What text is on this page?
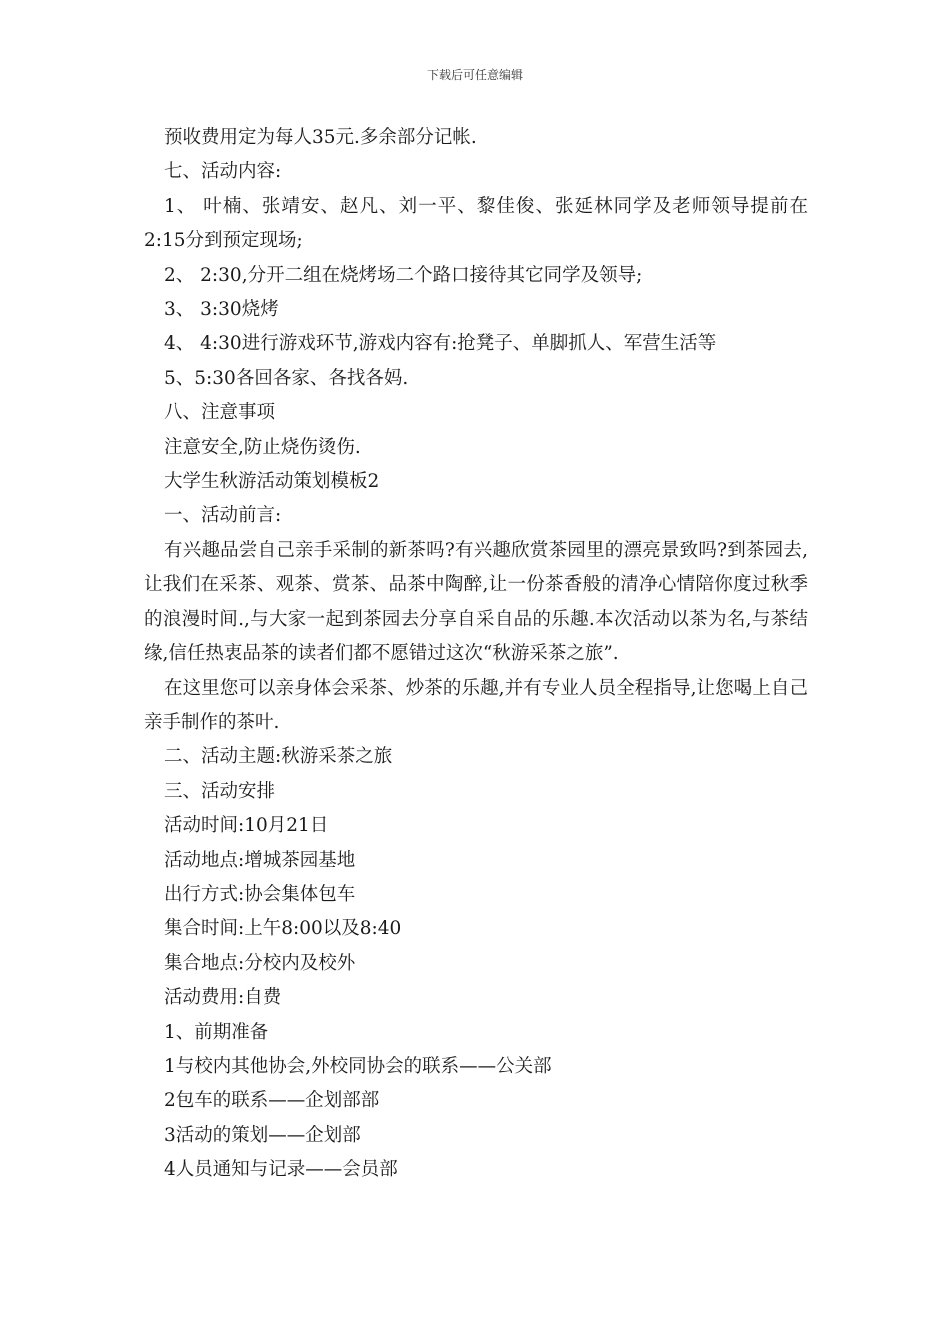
下载后可任意编辑

预收费用定为每人35元.多余部分记帐.

七、活动内容:

1、 叶楠、张靖安、赵凡、刘一平、黎佳俊、张延林同学及老师领导提前在2:15分到预定现场;

2、 2:30,分开二组在烧烤场二个路口接待其它同学及领导;

3、 3:30烧烤

4、 4:30进行游戏环节,游戏内容有:抢凳子、单脚抓人、军营生活等

5、5:30各回各家、各找各妈.

八、注意事项

注意安全,防止烧伤烫伤.

大学生秋游活动策划模板2

一、活动前言:

有兴趣品尝自己亲手采制的新茶吗?有兴趣欣赏茶园里的漂亮景致吗?到茶园去,让我们在采茶、观茶、赏茶、品茶中陶醉,让一份茶香般的清净心情陪你度过秋季的浪漫时间.,与大家一起到茶园去分享自采自品的乐趣.本次活动以茶为名,与茶结缘,信任热衷品茶的读者们都不愿错过这次“秋游采茶之旅”.

在这里您可以亲身体会采茶、炒茶的乐趣,并有专业人员全程指导,让您喝上自己亲手制作的茶叶.

二、活动主题:秋游采茶之旅

三、活动安排

活动时间:10月21日

活动地点:增城茶园基地

出行方式:协会集体包车

集合时间:上午8:00以及8:40

集合地点:分校内及校外

活动费用:自费

1、前期准备

1与校内其他协会,外校同协会的联系——公关部

2包车的联系——企划部部

3活动的策划——企划部

4人员通知与记录——会员部
